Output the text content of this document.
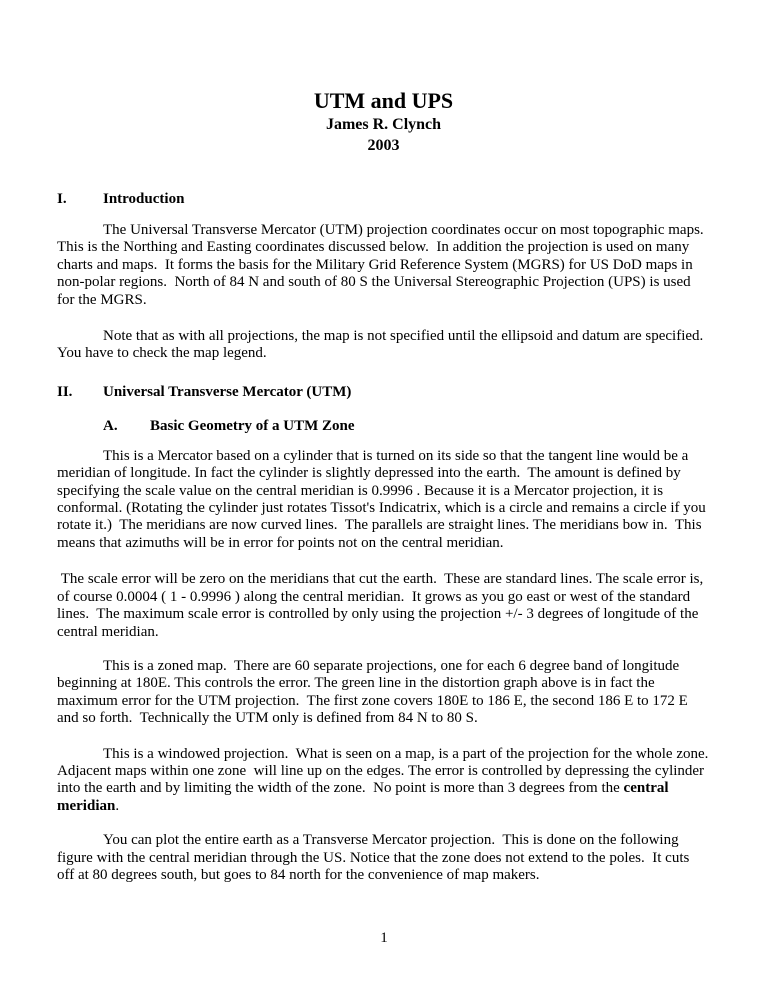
UTM and UPS
James R. Clynch
2003
I. Introduction

The Universal Transverse Mercator (UTM) projection coordinates occur on most topographic maps. This is the Northing and Easting coordinates discussed below.  In addition the projection is used on many charts and maps.  It forms the basis for the Military Grid Reference System (MGRS) for US DoD maps in non-polar regions.  North of 84 N and south of 80 S the Universal Stereographic Projection (UPS) is used for the MGRS.

Note that as with all projections, the map is not specified until the ellipsoid and datum are specified.  You have to check the map legend.

II. Universal Transverse Mercator (UTM)
A. Basic Geometry of a UTM Zone

This is a Mercator based on a cylinder that is turned on its side so that the tangent line would be a meridian of longitude. In fact the cylinder is slightly depressed into the earth.  The amount is defined by specifying the scale value on the central meridian is 0.9996 . Because it is a Mercator projection, it is conformal. (Rotating the cylinder just rotates Tissot's Indicatrix, which is a circle and remains a circle if you rotate it.)  The meridians are now curved lines.  The parallels are straight lines. The meridians bow in.  This means that azimuths will be in error for points not on the central meridian.

The scale error will be zero on the meridians that cut the earth.  These are standard lines. The scale error is, of course 0.0004 ( 1 - 0.9996 ) along the central meridian.  It grows as you go east or west of the standard lines.  The maximum scale error is controlled by only using the projection +/- 3 degrees of longitude of the central meridian.

This is a zoned map.  There are 60 separate projections, one for each 6 degree band of longitude beginning at 180E. This controls the error. The green line in the distortion graph above is in fact the maximum error for the UTM projection.  The first zone covers 180E to 186 E, the second 186 E to 172 E and so forth.  Technically the UTM only is defined from 84 N to 80 S.

This is a windowed projection.  What is seen on a map, is a part of the projection for the whole zone.  Adjacent maps within one zone  will line up on the edges. The error is controlled by depressing the cylinder into the earth and by limiting the width of the zone.  No point is more than 3 degrees from the central meridian.

You can plot the entire earth as a Transverse Mercator projection.  This is done on the following figure with the central meridian through the US. Notice that the zone does not extend to the poles.  It cuts off at 80 degrees south, but goes to 84 north for the convenience of map makers.

1
